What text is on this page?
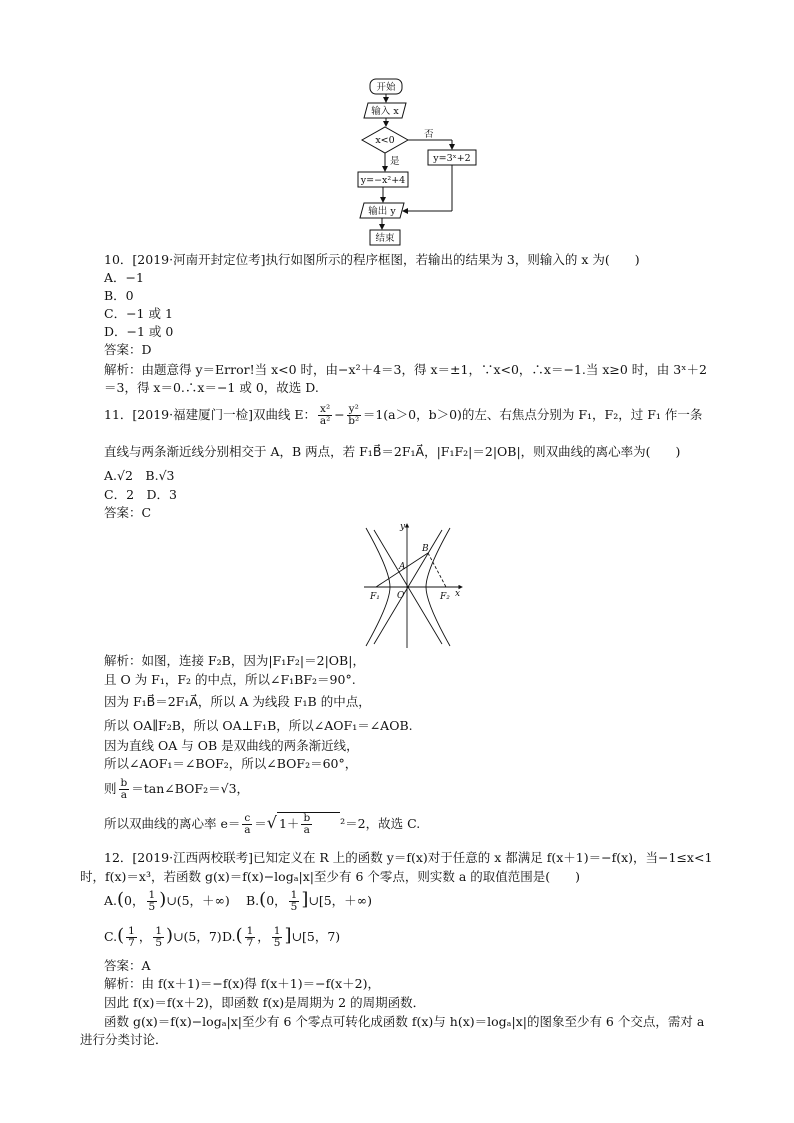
开始
输入 x
x<0
否
是
y=−x²+4
y=3ˣ+2
输出 y
结束
10．[2019·河南开封定位考]执行如图所示的程序框图，若输出的结果为 3，则输入的 x 为(　　)
A．−1
B．0
C．−1 或 1
D．−1 或 0
答案：D
解析：由题意得 y＝Error!当 x<0 时，由−x²＋4＝3，得 x＝±1，∵x<0，∴x＝−1.当 x≥0 时，由 3ˣ＋2
＝3，得 x＝0.∴x＝−1 或 0，故选 D.
11．[2019·福建厦门一检]双曲线 E： $\frac{\text{x²}}{\text{a²}} - \frac{\text{y²}}{\text{b²}} =1(a>0$，b＞0)的左、右焦点分别为 F₁，F₂，过 F₁ 作一条
直线与两条渐近线分别相交于 A，B 两点，若 F₁B⃗＝2F₁A⃗，|F₁F₂|＝2|OB|，则双曲线的离心率为(　　)
A.√2　B.√3
C．2　D．3
答案：C
y
x
A
B
O
F₁	F₂
解析：如图，连接 F₂B，因为|F₁F₂|＝2|OB|，
且 O 为 F₁，F₂ 的中点，所以∠F₁BF₂＝90°.
因为 F₁B⃗＝2F₁A⃗，所以 A 为线段 F₁B 的中点，
所以 OA∥F₂B，所以 OA⊥F₁B，所以∠AOF₁＝∠AOB.
因为直线 OA 与 OB 是双曲线的两条渐近线，
所以∠AOF₁＝∠BOF₂，所以∠BOF₂＝60°，
则 $\frac{b}{a}$ ＝tan∠BOF₂＝√3，
所以双曲线的离心率 $e= \frac{c}{a}$ ＝√ $1+ \frac{b}{a} ^2=2$，故选 C.
12．[2019·江西两校联考]已知定义在 R 上的函数 y＝f(x)对于任意的 x 都满足 f(x＋1)＝−f(x)，当−1≤x<1
时，f(x)＝x³，若函数 g(x)＝f(x)−logₐ|x|至少有 6 个零点，则实数 a 的取值范围是(　　)
A.(0， $\frac{1}{5}$ )∪(5，＋∞) B.(0， $\frac{1}{5}$ ]∪[5，＋∞)
$C.( \frac{1}{7}$ ， $\frac{1}{5}$ )∪(5，7) $D.( \frac{1}{7}$ ， $\frac{1}{5}$ ]∪[5，7)
答案：A
解析：由 f(x＋1)＝−f(x)得 f(x＋1)＝−f(x＋2)，
因此 f(x)＝f(x＋2)，即函数 f(x)是周期为 2 的周期函数．
函数 g(x)＝f(x)−logₐ|x|至少有 6 个零点可转化成函数 f(x)与 h(x)＝logₐ|x|的图象至少有 6 个交点，需对 a
进行分类讨论．
